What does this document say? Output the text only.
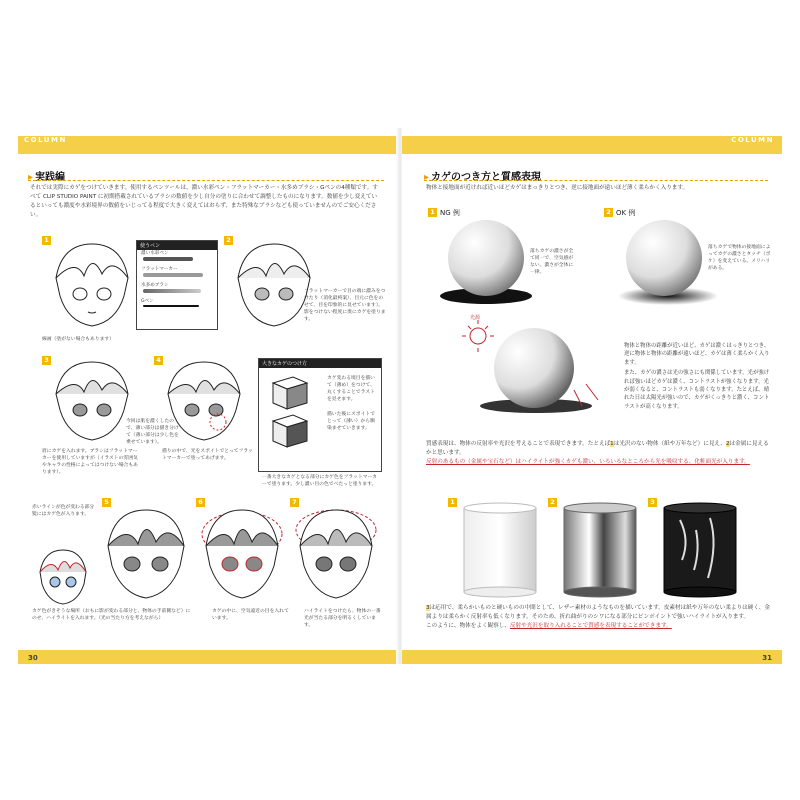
COLUMN
▸ 実践編
それでは実際にカゲをつけていきます。使用するペンツールは、濃い水彩ペン・フラットマーカー・水多めブラシ・Gペンの4種類です。すべて CLIP STUDIO PAINT に初期搭載されているブラシの数値を少し自分の塗りに合わせて調整したものになります。数値を少し変えているといっても濃度や水彩境界の数値をいじってる程度で大きく変えてはおらず、また特殊なブラシなども使っていませんのでご安心ください。
1
線画（塗がない場合もあります）
使うペン
濃い水彩ペン
フラットマーカー
水多めブラシ
Gペン
2
フラットマーカーで目の端に濃みをつけたり（消化最終案）、目元に色をのせて、目を印象的に見せています）。影をつけない程度に奥にカゲを塗ります。
3
眉にカゲを入れます。ブラシはフラットマーカーを使用していますが（イラストの雰囲気やキャラの性格によってはつけない場合もあります）。
4
今回は肌を濃くしたので、薄い部分は描き分けて（薄い部分は少し色を乗せています）。
描りの中で、光をスポイトでとってフラットマーカーで塗ってあげます。
大きなカゲのつけ方
カゲ変わる境目を描いて（薄め）をつけて、丸くすることでラストを見せます。
描いた後にスポイトでとって（薄い）から馴染ませていきます。
一番大きなカゲとなる部分にカゲ色をフラットマーカーで塗ります。少し濃い目の色でべたっと塗ります。
赤いラインが色が変わる部分 髪にはカゲ色が入ります。
5
カゲ色がきそうな場所（おもに影が変わる部分と、物体の手前側など）にのせ、ハイライトを入れます。（光の当たり方を考えながら）
6
カゲの中に、空気遠近の目を入れています。
7
ハイライトをつけたら、物体の一番光が当たる部分を明るくしています。
30
COLUMN
▸ カゲのつき方と質感表現
物体と接地面が近ければ近いほどカゲはまっきりとつき、逆に接地面が遠いほど薄く柔らかく入ります。
1 NG 例
落ちカゲの濃さが全て同一で、空気感がない。濃さが全体に一律。
2 OK 例
落ちカゲで物体の接地面によってカゲの濃さとタッチ（ボケ）を変えている。メリハリがある。
光源

物体と物体の距離が近いほど、カゲは濃くはっきりとつき、逆に物体と物体の距離が遠いほど、カゲは薄く柔らかく入ります。

また、カゲの濃さは光の強さにも関係しています。光が強ければ強いほどカゲは濃く、コントラストが強くなります。光が弱くなると、コントラストも弱くなります。たとえば、晴れた日は太陽光が強いので、カゲがくっきりと濃く、コントラストが高くなります。

質感表現は、物体の反射率や光沢を考えることで表現できます。たとえば1は光沢のない物体（紙や万年など）に見え、2は金属に見えるかと思います。
反射のあるもの（金属や宝石など）はハイライトが強くカゲも濃い、いろいろなところから光を吸収する、化粧面光が入ります。
1	2	3
3は応用で、柔らかいものと硬いものの中間として、レザー素材のようなものを描いています。皮素材は紙や万年のない柔よりは硬く、金属よりは柔らかく反射率も低くなります。そのため、折れ曲がりのシワになる部分にピンポイントで強いハイライトが入ります。
このように、物体をよく観察し、反射や光沢を取り入れることで質感を表現することができます。
31
